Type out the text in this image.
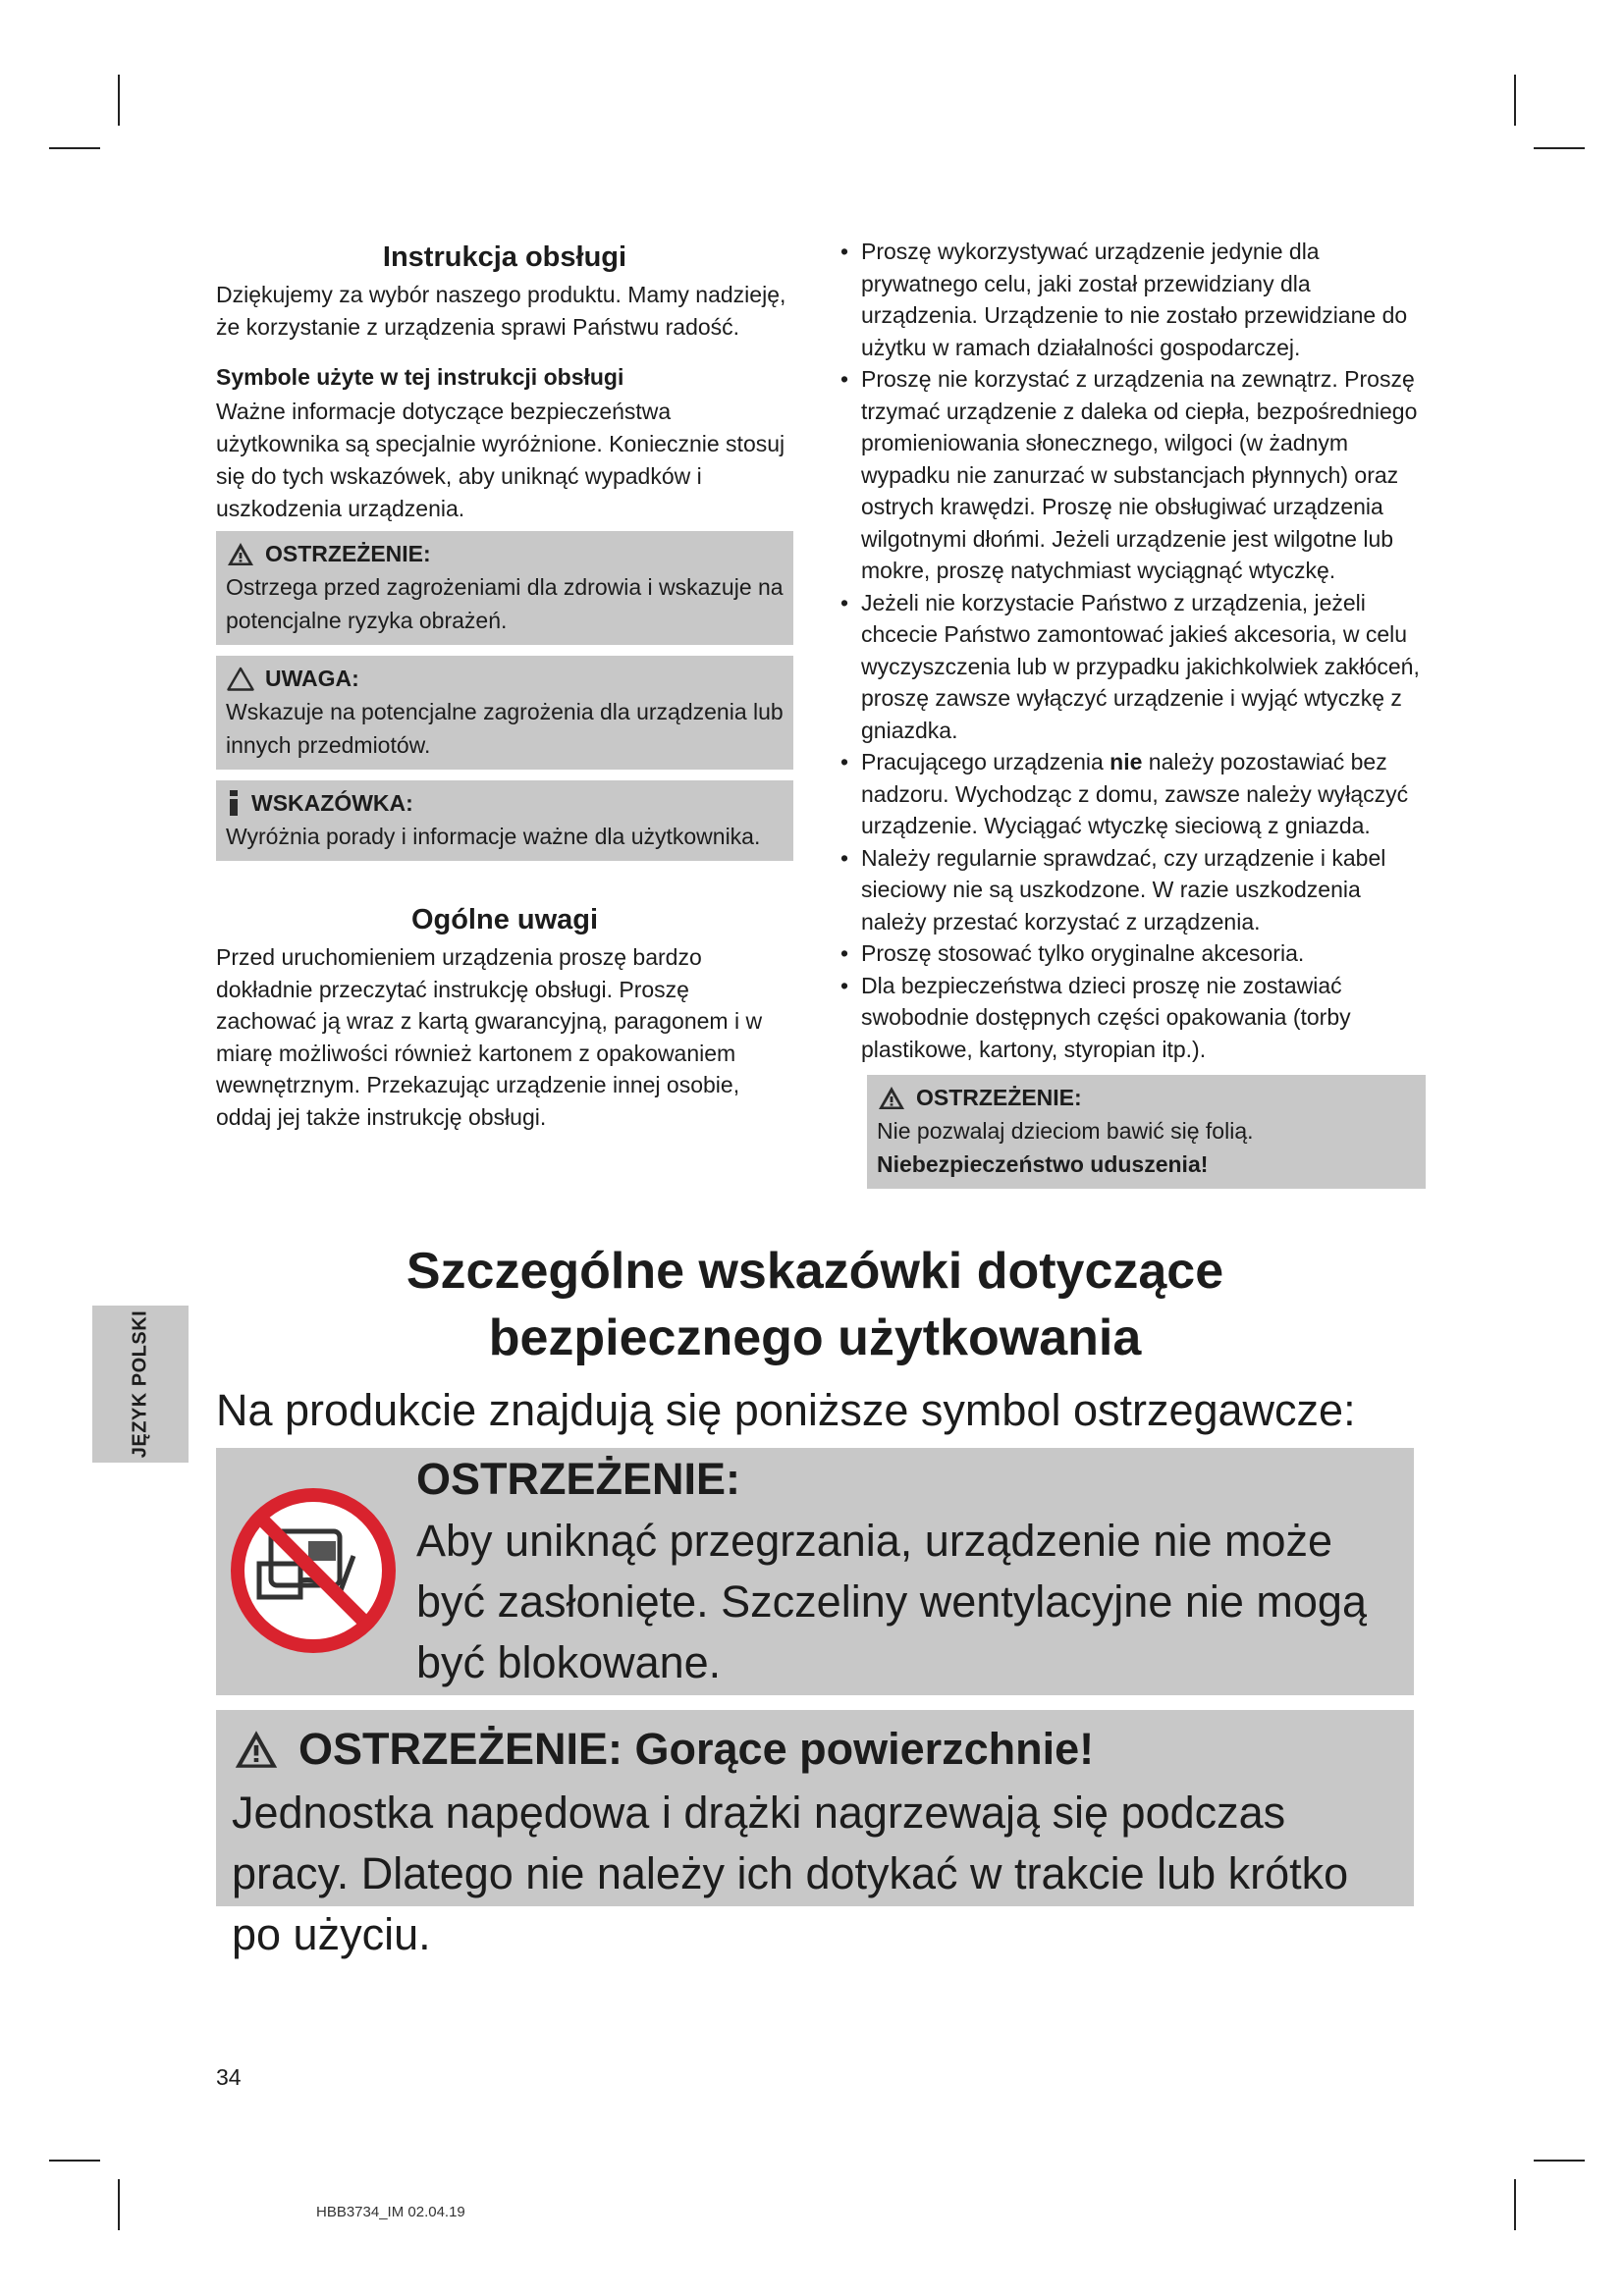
Instrukcja obsługi

Dziękujemy za wybór naszego produktu. Mamy nadzieję, że korzystanie z urządzenia sprawi Państwu radość.

Symbole użyte w tej instrukcji obsługi

Ważne informacje dotyczące bezpieczeństwa użytkownika są specjalnie wyróżnione. Koniecznie stosuj się do tych wskazówek, aby uniknąć wypadków i uszkodzenia urządzenia.

OSTRZEŻENIE:
Ostrzega przed zagrożeniami dla zdrowia i wskazuje na potencjalne ryzyka obrażeń.
UWAGA:
Wskazuje na potencjalne zagrożenia dla urządzenia lub innych przedmiotów.
WSKAZÓWKA:
Wyróżnia porady i informacje ważne dla użytkownika.
Ogólne uwagi

Przed uruchomieniem urządzenia proszę bardzo dokładnie przeczytać instrukcję obsługi. Proszę zachować ją wraz z kartą gwarancyjną, paragonem i w miarę możliwości również kartonem z opakowaniem wewnętrznym. Przekazując urządzenie innej osobie, oddaj jej także instrukcję obsługi.

• Proszę wykorzystywać urządzenie jedynie dla prywatnego celu, jaki został przewidziany dla urządzenia. Urządzenie to nie zostało przewidziane do użytku w ramach działalności gospodarczej.
• Proszę nie korzystać z urządzenia na zewnątrz. Proszę trzymać urządzenie z daleka od ciepła, bezpośredniego promieniowania słonecznego, wilgoci (w żadnym wypadku nie zanurzać w substancjach płynnych) oraz ostrych krawędzi. Proszę nie obsługiwać urządzenia wilgotnymi dłońmi. Jeżeli urządzenie jest wilgotne lub mokre, proszę natychmiast wyciągnąć wtyczkę.
• Jeżeli nie korzystacie Państwo z urządzenia, jeżeli chcecie Państwo zamontować jakieś akcesoria, w celu wyczyszczenia lub w przypadku jakichkolwiek zakłóceń, proszę zawsze wyłączyć urządzenie i wyjąć wtyczkę z gniazdka.
• Pracującego urządzenia nie należy pozostawiać bez nadzoru. Wychodząc z domu, zawsze należy wyłączyć urządzenie. Wyciągać wtyczkę sieciową z gniazda.
• Należy regularnie sprawdzać, czy urządzenie i kabel sieciowy nie są uszkodzone. W razie uszkodzenia należy przestać korzystać z urządzenia.
• Proszę stosować tylko oryginalne akcesoria.
• Dla bezpieczeństwa dzieci proszę nie zostawiać swobodnie dostępnych części opakowania (torby plastikowe, kartony, styropian itp.).
OSTRZEŻENIE:
Nie pozwalaj dzieciom bawić się folią. Niebezpieczeństwo uduszenia!
Szczególne wskazówki dotyczące
bezpiecznego użytkowania
Na produkcie znajdują się poniższe symbol ostrzegawcze:
OSTRZEŻENIE:
Aby uniknąć przegrzania, urządzenie nie może być zasłonięte. Szczeliny wentylacyjne nie mogą być blokowane.
OSTRZEŻENIE: Gorące powierzchnie!
Jednostka napędowa i drążki nagrzewają się podczas pracy. Dlatego nie należy ich dotykać w trakcie lub krótko po użyciu.
JĘZYK POLSKI
34
HBB3734_IM 02.04.19
